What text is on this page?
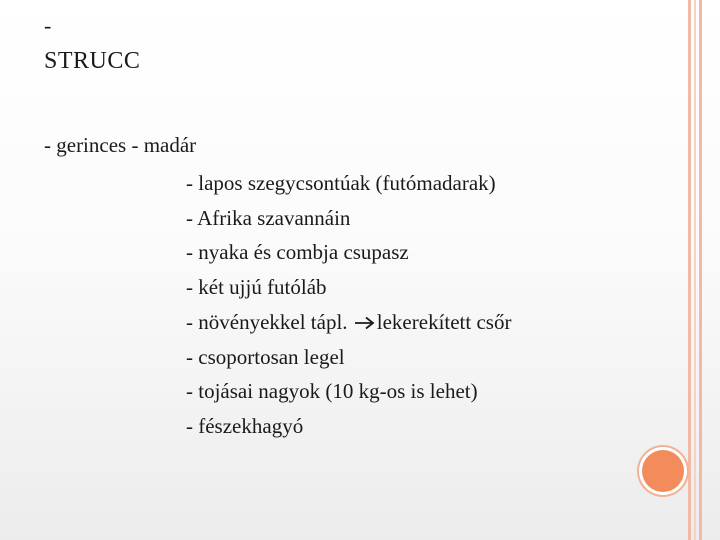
-
STRUCC

- gerinces - madár

- lapos szegycsontúak (futómadarak)
- Afrika szavannáin
- nyaka és combja csupasz
- két ujjú futóláb
- növényekkel tápl. lekerekített csőr
- csoportosan legel
- tojásai nagyok (10 kg-os is lehet)
- fészekhagyó
